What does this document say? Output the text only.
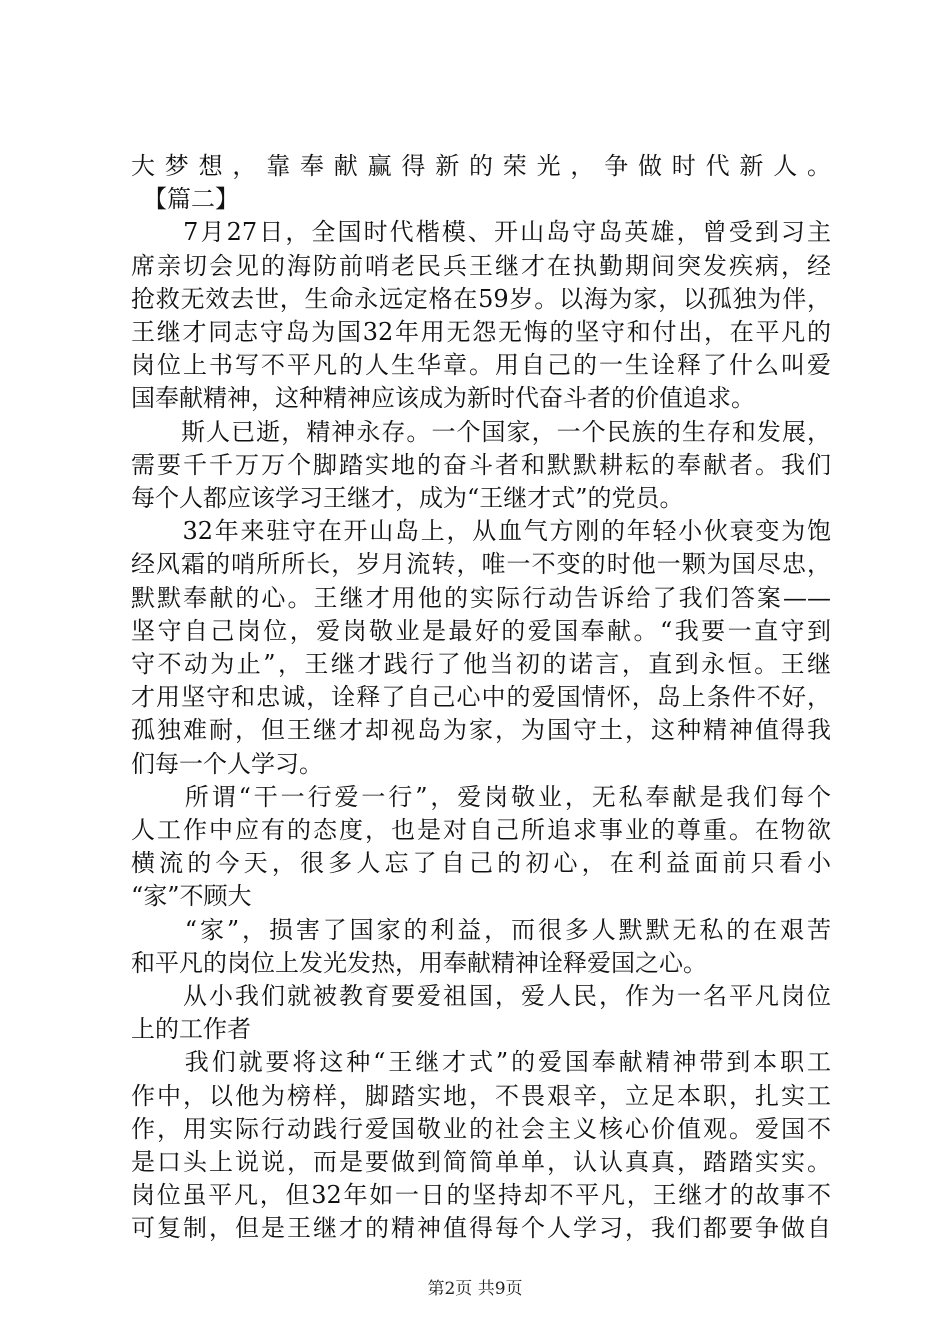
大梦想，靠奉献赢得新的荣光，争做时代新人。
　【篇二】
　　7月27日，全国时代楷模、开山岛守岛英雄，曾受到习主
席亲切会见的海防前哨老民兵王继才在执勤期间突发疾病，经
抢救无效去世，生命永远定格在59岁。以海为家，以孤独为伴，
王继才同志守岛为国32年用无怨无悔的坚守和付出，在平凡的
岗位上书写不平凡的人生华章。用自己的一生诠释了什么叫爱
国奉献精神，这种精神应该成为新时代奋斗者的价值追求。
　　斯人已逝，精神永存。一个国家，一个民族的生存和发展，
需要千千万万个脚踏实地的奋斗者和默默耕耘的奉献者。我们
每个人都应该学习王继才，成为“王继才式”的党员。
　　32年来驻守在开山岛上，从血气方刚的年轻小伙衰变为饱
经风霜的哨所所长，岁月流转，唯一不变的时他一颗为国尽忠，
默默奉献的心。王继才用他的实际行动告诉给了我们答案——
坚守自己岗位，爱岗敬业是最好的爱国奉献。“我要一直守到
守不动为止”，王继才践行了他当初的诺言，直到永恒。王继
才用坚守和忠诚，诠释了自己心中的爱国情怀，岛上条件不好，
孤独难耐，但王继才却视岛为家，为国守土，这种精神值得我
们每一个人学习。
　　所谓“干一行爱一行”，爱岗敬业，无私奉献是我们每个
人工作中应有的态度，也是对自己所追求事业的尊重。在物欲
横流的今天，很多人忘了自己的初心，在利益面前只看小
“家”不顾大
　　“家”，损害了国家的利益，而很多人默默无私的在艰苦
和平凡的岗位上发光发热，用奉献精神诠释爱国之心。
　　从小我们就被教育要爱祖国，爱人民，作为一名平凡岗位
上的工作者
　　我们就要将这种“王继才式”的爱国奉献精神带到本职工
作中，以他为榜样，脚踏实地，不畏艰辛，立足本职，扎实工
作，用实际行动践行爱国敬业的社会主义核心价值观。爱国不
是口头上说说，而是要做到简简单单，认认真真，踏踏实实。
岗位虽平凡，但32年如一日的坚持却不平凡，王继才的故事不
可复制，但是王继才的精神值得每个人学习，我们都要争做自
第2页 共9页
